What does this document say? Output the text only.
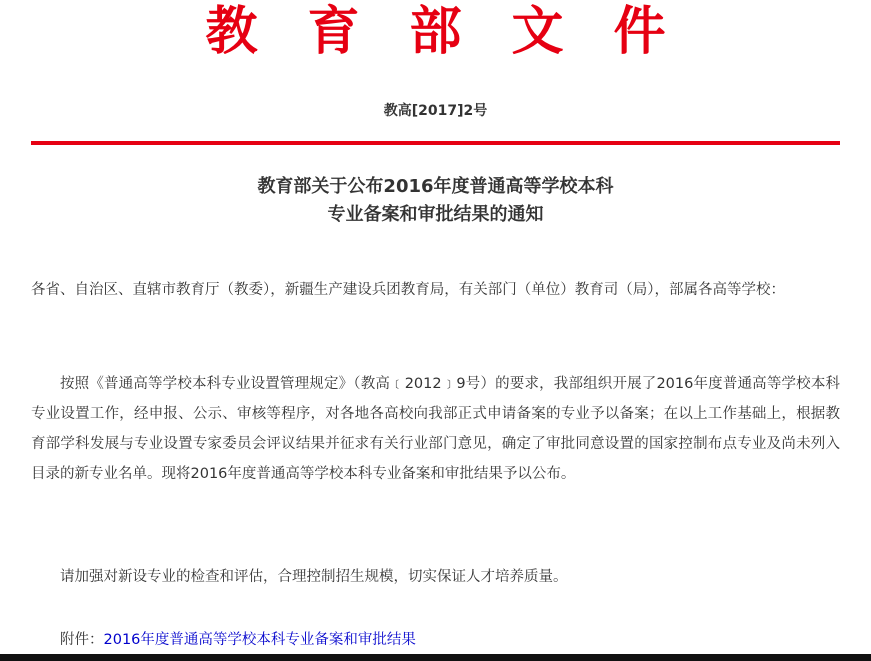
教 育 部 文 件
教高[2017]2号
教育部关于公布2016年度普通高等学校本科
专业备案和审批结果的通知
各省、自治区、直辖市教育厅（教委），新疆生产建设兵团教育局，有关部门（单位）教育司（局），部属各高等学校：
按照《普通高等学校本科专业设置管理规定》（教高﹝2012﹞9号）的要求，我部组织开展了2016年度普通高等学校本科专业设置工作，经申报、公示、审核等程序，对各地各高校向我部正式申请备案的专业予以备案；在以上工作基础上，根据教育部学科发展与专业设置专家委员会评议结果并征求有关行业部门意见，确定了审批同意设置的国家控制布点专业及尚未列入目录的新专业名单。现将2016年度普通高等学校本科专业备案和审批结果予以公布。
请加强对新设专业的检查和评估，合理控制招生规模，切实保证人才培养质量。
附件：2016年度普通高等学校本科专业备案和审批结果
